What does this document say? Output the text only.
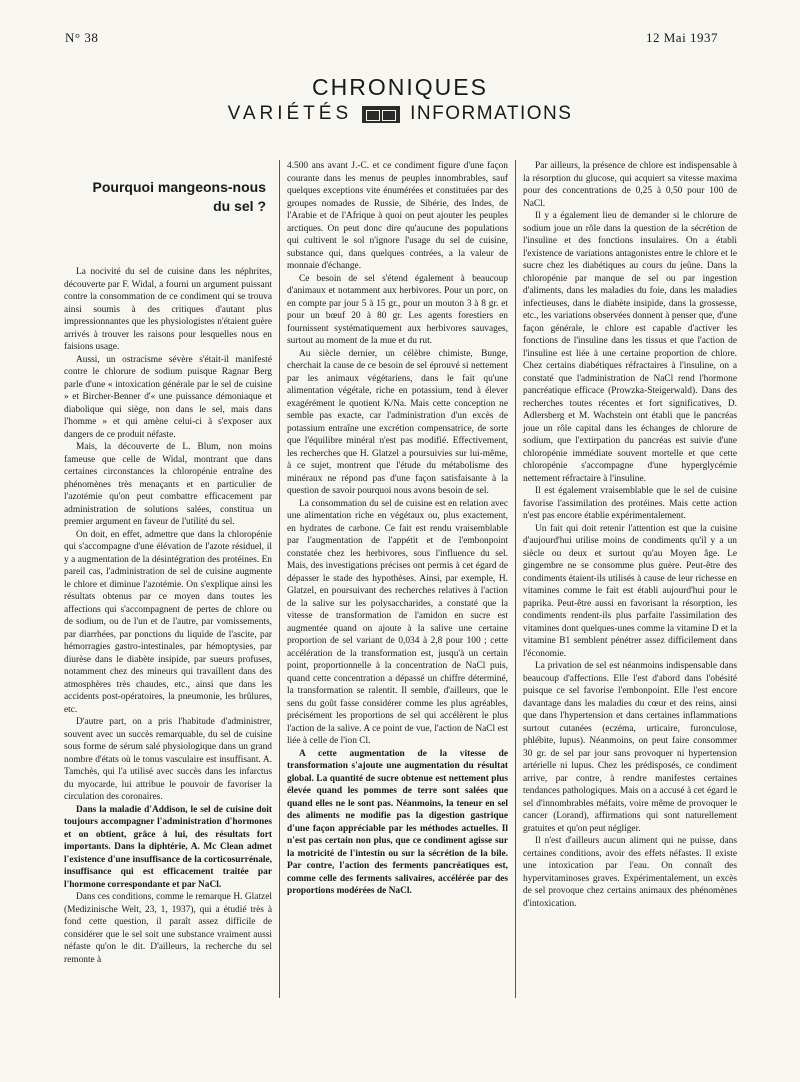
N° 38	12 Mai 1937
CHRONIQUES
VARIÉTÉS	INFORMATIONS
Pourquoi mangeons-nous
du sel ?

La nocivité du sel de cuisine dans les néphrites, découverte par F. Widal, a fourni un argument puissant contre la consommation de ce condiment qui se trouva ainsi soumis à des critiques d'autant plus impressionnantes que les physiologistes n'étaient guère arrivés à trouver les raisons pour lesquelles nous en faisions usage.

Aussi, un ostracisme sévère s'était-il manifesté contre le chlorure de sodium puisque Ragnar Berg parle d'une « intoxication générale par le sel de cuisine » et Bircher-Benner d'« une puissance démoniaque et diabolique qui siège, non dans le sel, mais dans l'homme » et qui amène celui-ci à s'exposer aux dangers de ce produit néfaste.

Mais, la découverte de L. Blum, non moins fameuse que celle de Widal, montrant que dans certaines circonstances la chloropénie entraîne des phénomènes très menaçants et en particulier de l'azotémie qu'on peut combattre efficacement par administration de solutions salées, constitua un premier argument en faveur de l'utilité du sel.

On doit, en effet, admettre que dans la chloropénie qui s'accompagne d'une élévation de l'azote résiduel, il y a augmentation de la désintégration des protéines. En pareil cas, l'administration de sel de cuisine augmente le chlore et diminue l'azotémie. On s'explique ainsi les résultats obtenus par ce moyen dans toutes les affections qui s'accompagnent de pertes de chlore ou de sodium, ou de l'un et de l'autre, par vomissements, par diarrhées, par ponctions du liquide de l'ascite, par hémorragies gastro-intestinales, par hémoptysies, par diurèse dans le diabète insipide, par sueurs profuses, notamment chez des mineurs qui travaillent dans des atmosphères très chaudes, etc., ainsi que dans les accidents post-opératoires, la pneumonie, les brûlures, etc.

D'autre part, on a pris l'habitude d'administrer, souvent avec un succès remarquable, du sel de cuisine sous forme de sérum salé physiologique dans un grand nombre d'états où le tonus vasculaire est insuffisant. A. Tamchès, qui l'a utilisé avec succès dans les infarctus du myocarde, lui attribue le pouvoir de favoriser la circulation des coronaires.

Dans la maladie d'Addison, le sel de cuisine doit toujours accompagner l'administration d'hormones et on obtient, grâce à lui, des résultats fort importants. Dans la diphtérie, A. Mc Clean admet l'existence d'une insuffisance de la corticosurrénale, insuffisance qui est efficacement traitée par l'hormone correspondante et par NaCl.

Dans ces conditions, comme le remarque H. Glatzel (Medizinische Welt, 23, 1, 1937), qui a étudié très à fond cette question, il paraît assez difficile de considérer que le sel soit une substance vraiment aussi néfaste qu'on le dit. D'ailleurs, la recherche du sel remonte à

4.500 ans avant J.-C. et ce condiment figure d'une façon courante dans les menus de peuples innombrables, sauf quelques exceptions vite énumérées et constituées par des groupes nomades de Russie, de Sibérie, des Indes, de l'Arabie et de l'Afrique à quoi on peut ajouter les peuples arctiques. On peut donc dire qu'aucune des populations qui cultivent le sol n'ignore l'usage du sel de cuisine, substance qui, dans quelques contrées, a la valeur de monnaie d'échange.

Ce besoin de sel s'étend également à beaucoup d'animaux et notamment aux herbivores. Pour un porc, on en compte par jour 5 à 15 gr., pour un mouton 3 à 8 gr. et pour un bœuf 20 à 80 gr. Les agents forestiers en fournissent systématiquement aux herbivores sauvages, surtout au moment de la mue et du rut.

Au siècle dernier, un célèbre chimiste, Bunge, cherchait la cause de ce besoin de sel éprouvé si nettement par les animaux végétariens, dans le fait qu'une alimentation végétale, riche en potassium, tend à élever exagérément le quotient K/Na. Mais cette conception ne semble pas exacte, car l'administration d'un excès de potassium entraîne une excrétion compensatrice, de sorte que l'équilibre minéral n'est pas modifié. Effectivement, les recherches que H. Glatzel a poursuivies sur lui-même, à ce sujet, montrent que l'étude du métabolisme des minéraux ne répond pas d'une façon satisfaisante à la question de savoir pourquoi nous avons besoin de sel.

La consommation du sel de cuisine est en relation avec une alimentation riche en végétaux ou, plus exactement, en hydrates de carbone. Ce fait est rendu vraisemblable par l'augmentation de l'appétit et de l'embonpoint constatée chez les herbivores, sous l'influence du sel. Mais, des investigations précises ont permis à cet égard de dépasser le stade des hypothèses. Ainsi, par exemple, H. Glatzel, en poursuivant des recherches relatives à l'action de la salive sur les polysaccharides, a constaté que la vitesse de transformation de l'amidon en sucre est augmentée quand on ajoute à la salive une certaine proportion de sel variant de 0,034 à 2,8 pour 100 ; cette accélération de la transformation est, jusqu'à un certain point, proportionnelle à la concentration de NaCl puis, quand cette concentration a dépassé un chiffre déterminé, la transformation se ralentit. Il semble, d'ailleurs, que le sens du goût fasse considérer comme les plus agréables, précisément les proportions de sel qui accélèrent le plus l'action de la salive. A ce point de vue, l'action de NaCl est liée à celle de l'ion Cl.

A cette augmentation de la vitesse de transformation s'ajoute une augmentation du résultat global. La quantité de sucre obtenue est nettement plus élevée quand les pommes de terre sont salées que quand elles ne le sont pas. Néanmoins, la teneur en sel des aliments ne modifie pas la digestion gastrique d'une façon appréciable par les méthodes actuelles. Il n'est pas certain non plus, que ce condiment agisse sur la motricité de l'intestin ou sur la sécrétion de la bile. Par contre, l'action des ferments pancréatiques est, comme celle des ferments salivaires, accélérée par des proportions modérées de NaCl.

Par ailleurs, la présence de chlore est indispensable à la résorption du glucose, qui acquiert sa vitesse maxima pour des concentrations de 0,25 à 0,50 pour 100 de NaCl.

Il y a également lieu de demander si le chlorure de sodium joue un rôle dans la question de la sécrétion de l'insuline et des fonctions insulaires. On a établi l'existence de variations antagonistes entre le chlore et le sucre chez les diabétiques au cours du jeûne. Dans la chloropénie par manque de sel ou par ingestion d'aliments, dans les maladies du foie, dans les maladies infectieuses, dans le diabète insipide, dans la grossesse, etc., les variations observées donnent à penser que, d'une façon générale, le chlore est capable d'activer les fonctions de l'insuline dans les tissus et que l'action de l'insuline est liée à une certaine proportion de chlore. Chez certains diabétiques réfractaires à l'insuline, on a constaté que l'administration de NaCl rend l'hormone pancréatique efficace (Prowzka-Steigerwald). Dans des recherches toutes récentes et fort significatives, D. Adlersberg et M. Wachstein ont établi que le pancréas joue un rôle capital dans les échanges de chlorure de sodium, que l'extirpation du pancréas est suivie d'une chloropénie immédiate souvent mortelle et que cette chloropénie s'accompagne d'une hyperglycémie nettement réfractaire à l'insuline.

Il est également vraisemblable que le sel de cuisine favorise l'assimilation des protéines. Mais cette action n'est pas encore établie expérimentalement.

Un fait qui doit retenir l'attention est que la cuisine d'aujourd'hui utilise moins de condiments qu'il y a un siècle ou deux et surtout qu'au Moyen âge. Le gingembre ne se consomme plus guère. Peut-être des condiments étaient-ils utilisés à cause de leur richesse en vitamines comme le fait est établi aujourd'hui pour le paprika. Peut-être aussi en favorisant la résorption, les condiments rendent-ils plus parfaite l'assimilation des vitamines dont quelques-unes comme la vitamine D et la vitamine B1 semblent pénétrer assez difficilement dans l'économie.

La privation de sel est néanmoins indispensable dans beaucoup d'affections. Elle l'est d'abord dans l'obésité puisque ce sel favorise l'embonpoint. Elle l'est encore davantage dans les maladies du cœur et des reins, ainsi que dans l'hypertension et dans certaines inflammations surtout cutanées (eczéma, urticaire, furonculose, phlébite, lupus). Néanmoins, on peut faire consommer 30 gr. de sel par jour sans provoquer ni hypertension artérielle ni lupus. Chez les prédisposés, ce condiment arrive, par contre, à rendre manifestes certaines tendances pathologiques. Mais on a accusé à cet égard le sel d'innombrables méfaits, voire même de provoquer le cancer (Lorand), affirmations qui sont naturellement gratuites et qu'on peut négliger.

Il n'est d'ailleurs aucun aliment qui ne puisse, dans certaines conditions, avoir des effets néfastes. Il existe une intoxication par l'eau. On connaît des hypervitaminoses graves. Expérimentalement, un excès de sel provoque chez certains animaux des phénomènes d'intoxication.
